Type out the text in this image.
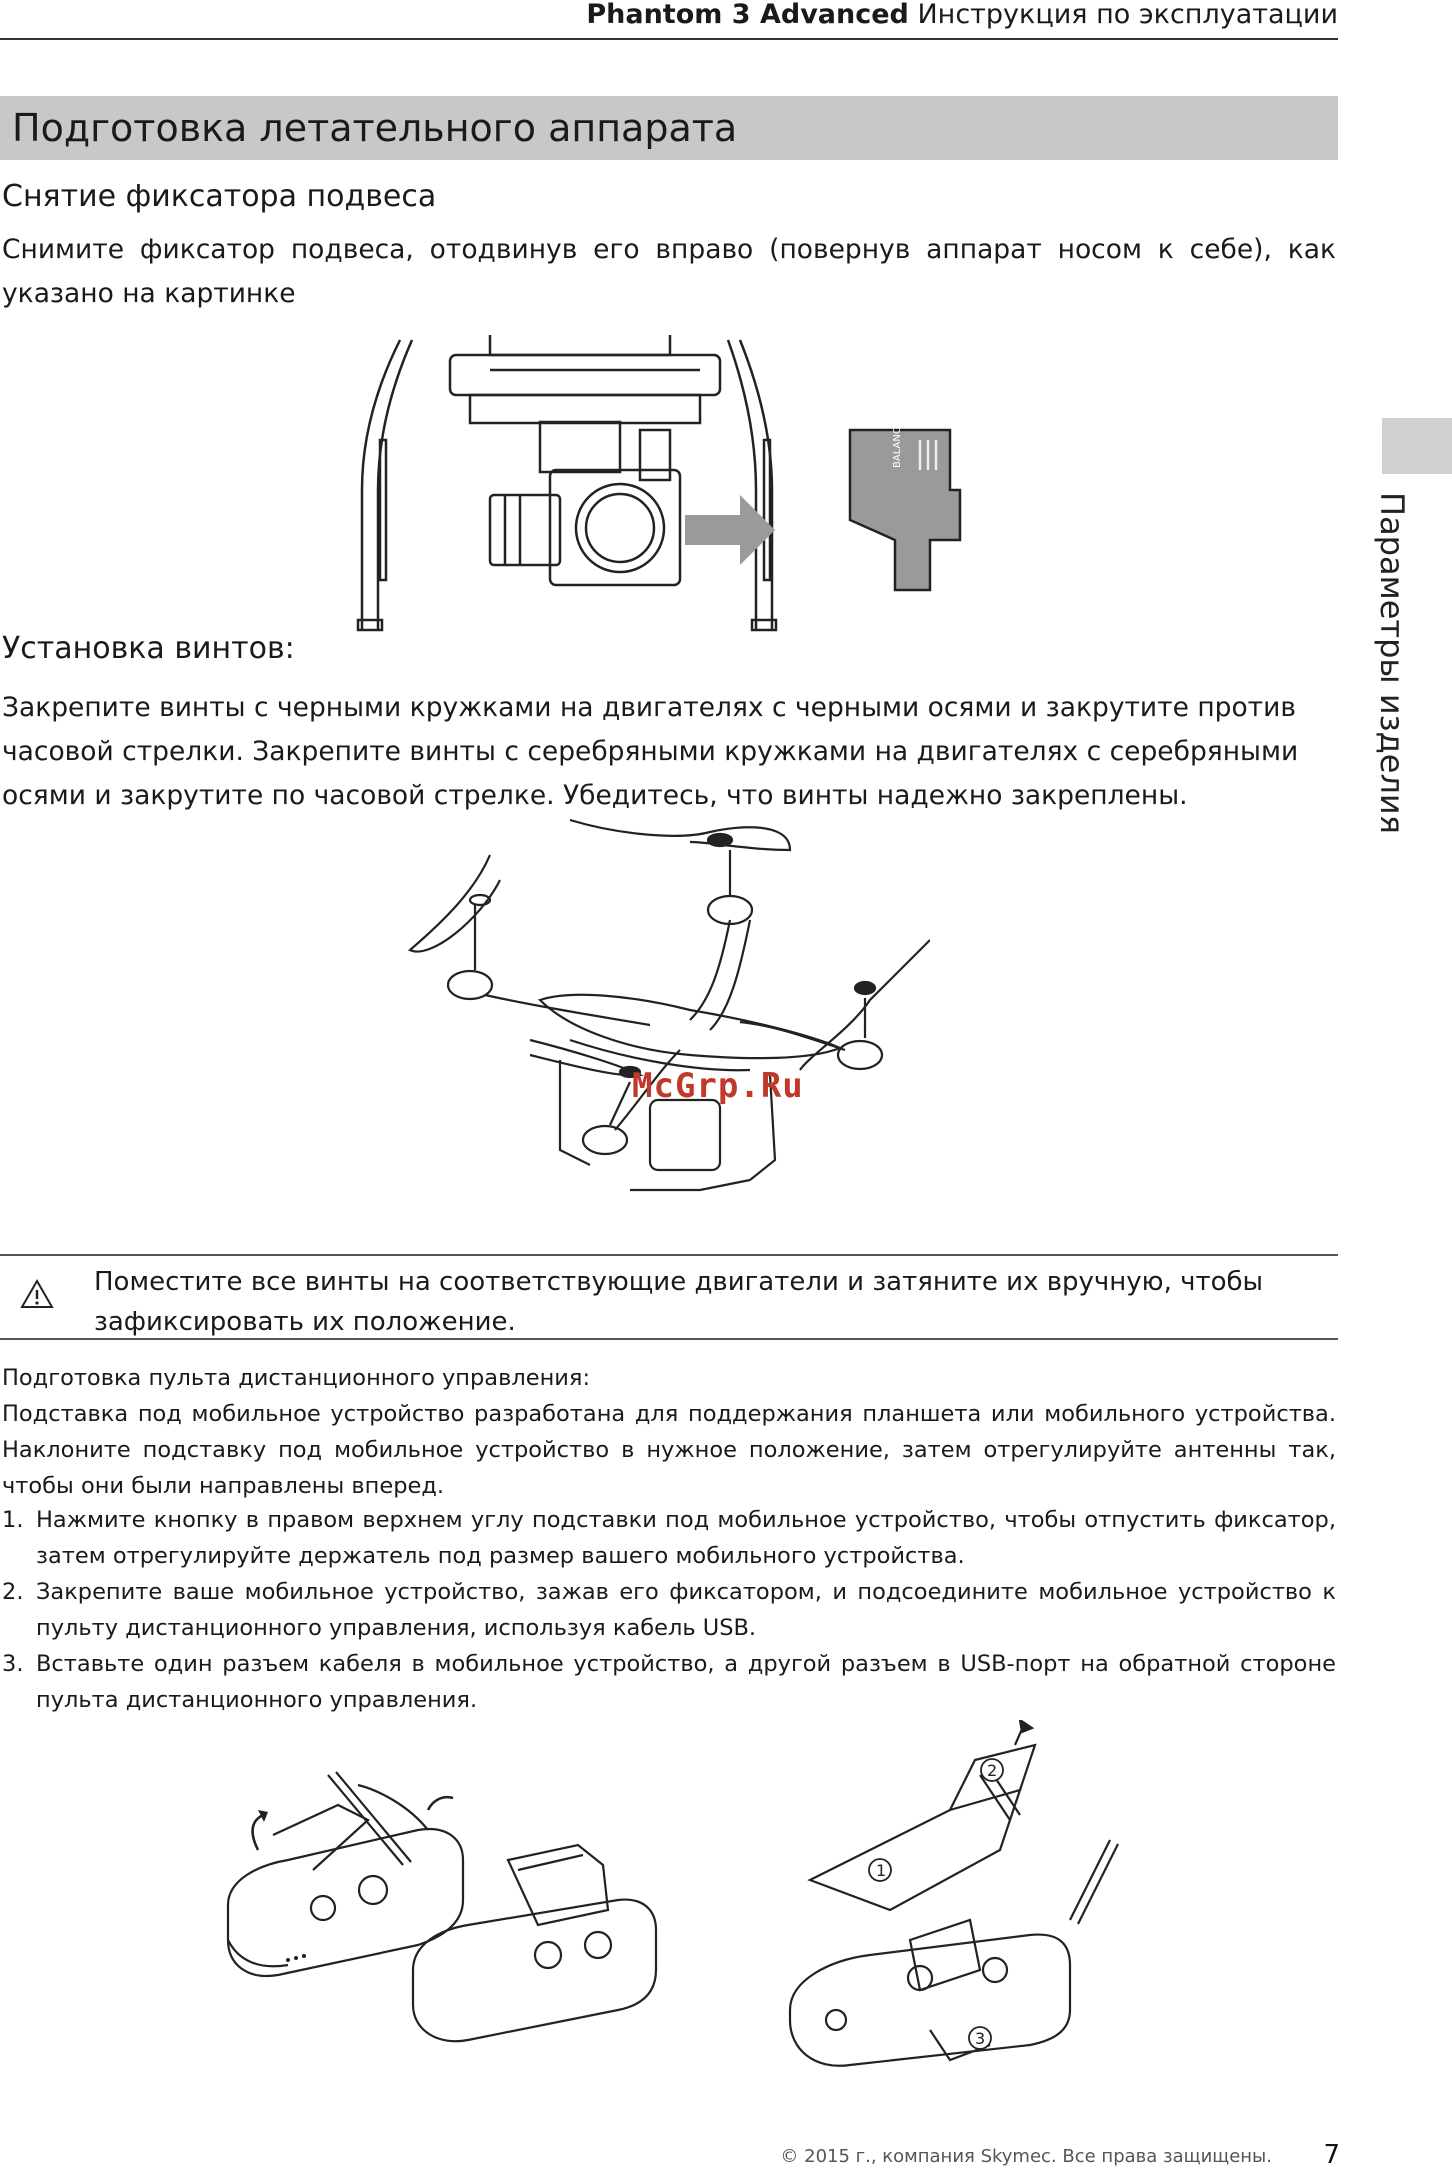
Phantom 3 Advanced Инструкция по эксплуатации
Подготовка летательного аппарата
Параметры изделия
Снятие фиксатора подвеса
Снимите фиксатор подвеса, отодвинув его вправо (повернув аппарат носом к себе), как указано на картинке
BALANCE
Установка винтов:
Закрепите винты с черными кружками на двигателях с черными осями и закрутите против часовой стрелки. Закрепите винты с серебряными кружками на двигателях с серебряными осями и закрутите по часовой стрелке. Убедитесь, что винты надежно закреплены.
McGrp.Ru
Поместите все винты на соответствующие двигатели и затяните их вручную, чтобы зафиксировать их положение.
Подготовка пульта дистанционного управления:
Подставка под мобильное устройство разработана для поддержания планшета или мобильного устройства. Наклоните подставку под мобильное устройство в нужное положение, затем отрегулируйте антенны так, чтобы они были направлены вперед.
1. Нажмите кнопку в правом верхнем углу подставки под мобильное устройство, чтобы отпустить фиксатор, затем отрегулируйте держатель под размер вашего мобильного устройства.
2. Закрепите ваше мобильное устройство, зажав его фиксатором, и подсоедините мобильное устройство к пульту дистанционного управления, используя кабель USB.
3. Вставьте один разъем кабеля в мобильное устройство, а другой разъем в USB-порт на обратной стороне пульта дистанционного управления.
1
2
3
© 2015 г., компания Skymec. Все права защищены. 7
